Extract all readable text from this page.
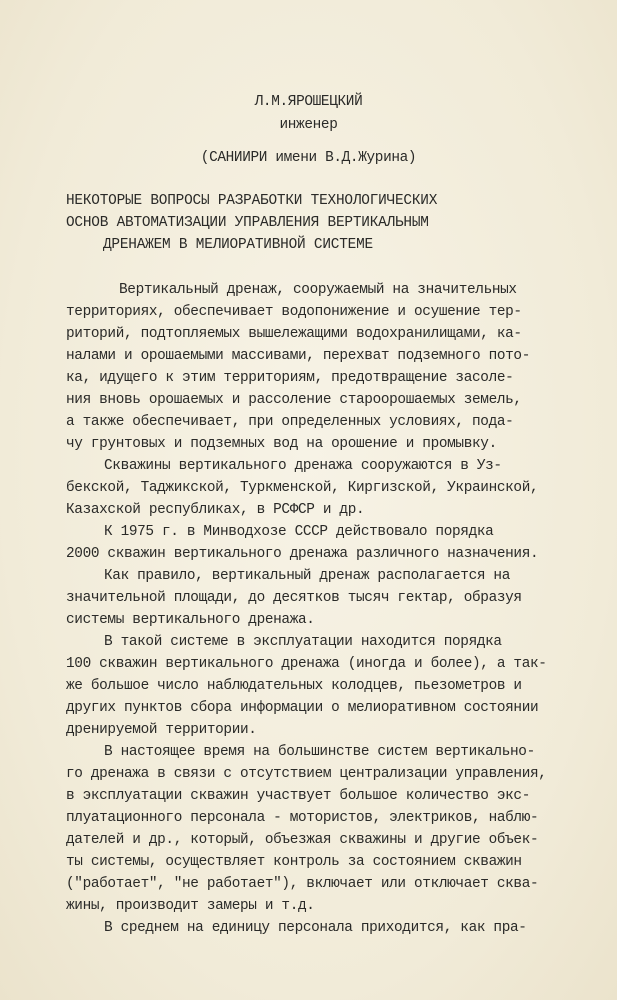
Л.М.ЯРОШЕЦКИЙ
инженер
(САНИИРИ имени В.Д.Журина)
НЕКОТОРЫЕ ВОПРОСЫ РАЗРАБОТКИ ТЕХНОЛОГИЧЕСКИХ
ОСНОВ АВТОМАТИЗАЦИИ УПРАВЛЕНИЯ ВЕРТИКАЛЬНЫМ
ДРЕНАЖЕМ В МЕЛИОРАТИВНОЙ СИСТЕМЕ
Вертикальный дренаж, сооружаемый на значительных
территориях, обеспечивает водопонижение и осушение тер-
риторий, подтопляемых вышележащими водохранилищами, ка-
налами и орошаемыми массивами, перехват подземного пото-
ка, идущего к этим территориям, предотвращение засоле-
ния вновь орошаемых и рассоление староорошаемых земель,
а также обеспечивает, при определенных условиях, пода-
чу грунтовых и подземных вод на орошение и промывку.
Скважины вертикального дренажа сооружаются в Уз-
бекской, Таджикской, Туркменской, Киргизской, Украинской,
Казахской республиках, в РСФСР и др.
К 1975 г. в Минводхозе СССР действовало порядка
2000 скважин вертикального дренажа различного назначения.
Как правило, вертикальный дренаж располагается на
значительной площади, до десятков тысяч гектар, образуя
системы вертикального дренажа.
В такой системе в эксплуатации находится порядка
100 скважин вертикального дренажа (иногда и более), а так-
же большое число наблюдательных колодцев, пьезометров и
других пунктов сбора информации о мелиоративном состоянии
дренируемой территории.
В настоящее время на большинстве систем вертикально-
го дренажа в связи с отсутствием централизации управления,
в эксплуатации скважин участвует большое количество экс-
плуатационного персонала - мотористов, электриков, наблю-
дателей и др., который, объезжая скважины и другие объек-
ты системы, осуществляет контроль за состоянием скважин
("работает", "не работает"), включает или отключает сква-
жины, производит замеры и т.д.
В среднем на единицу персонала приходится, как пра-
